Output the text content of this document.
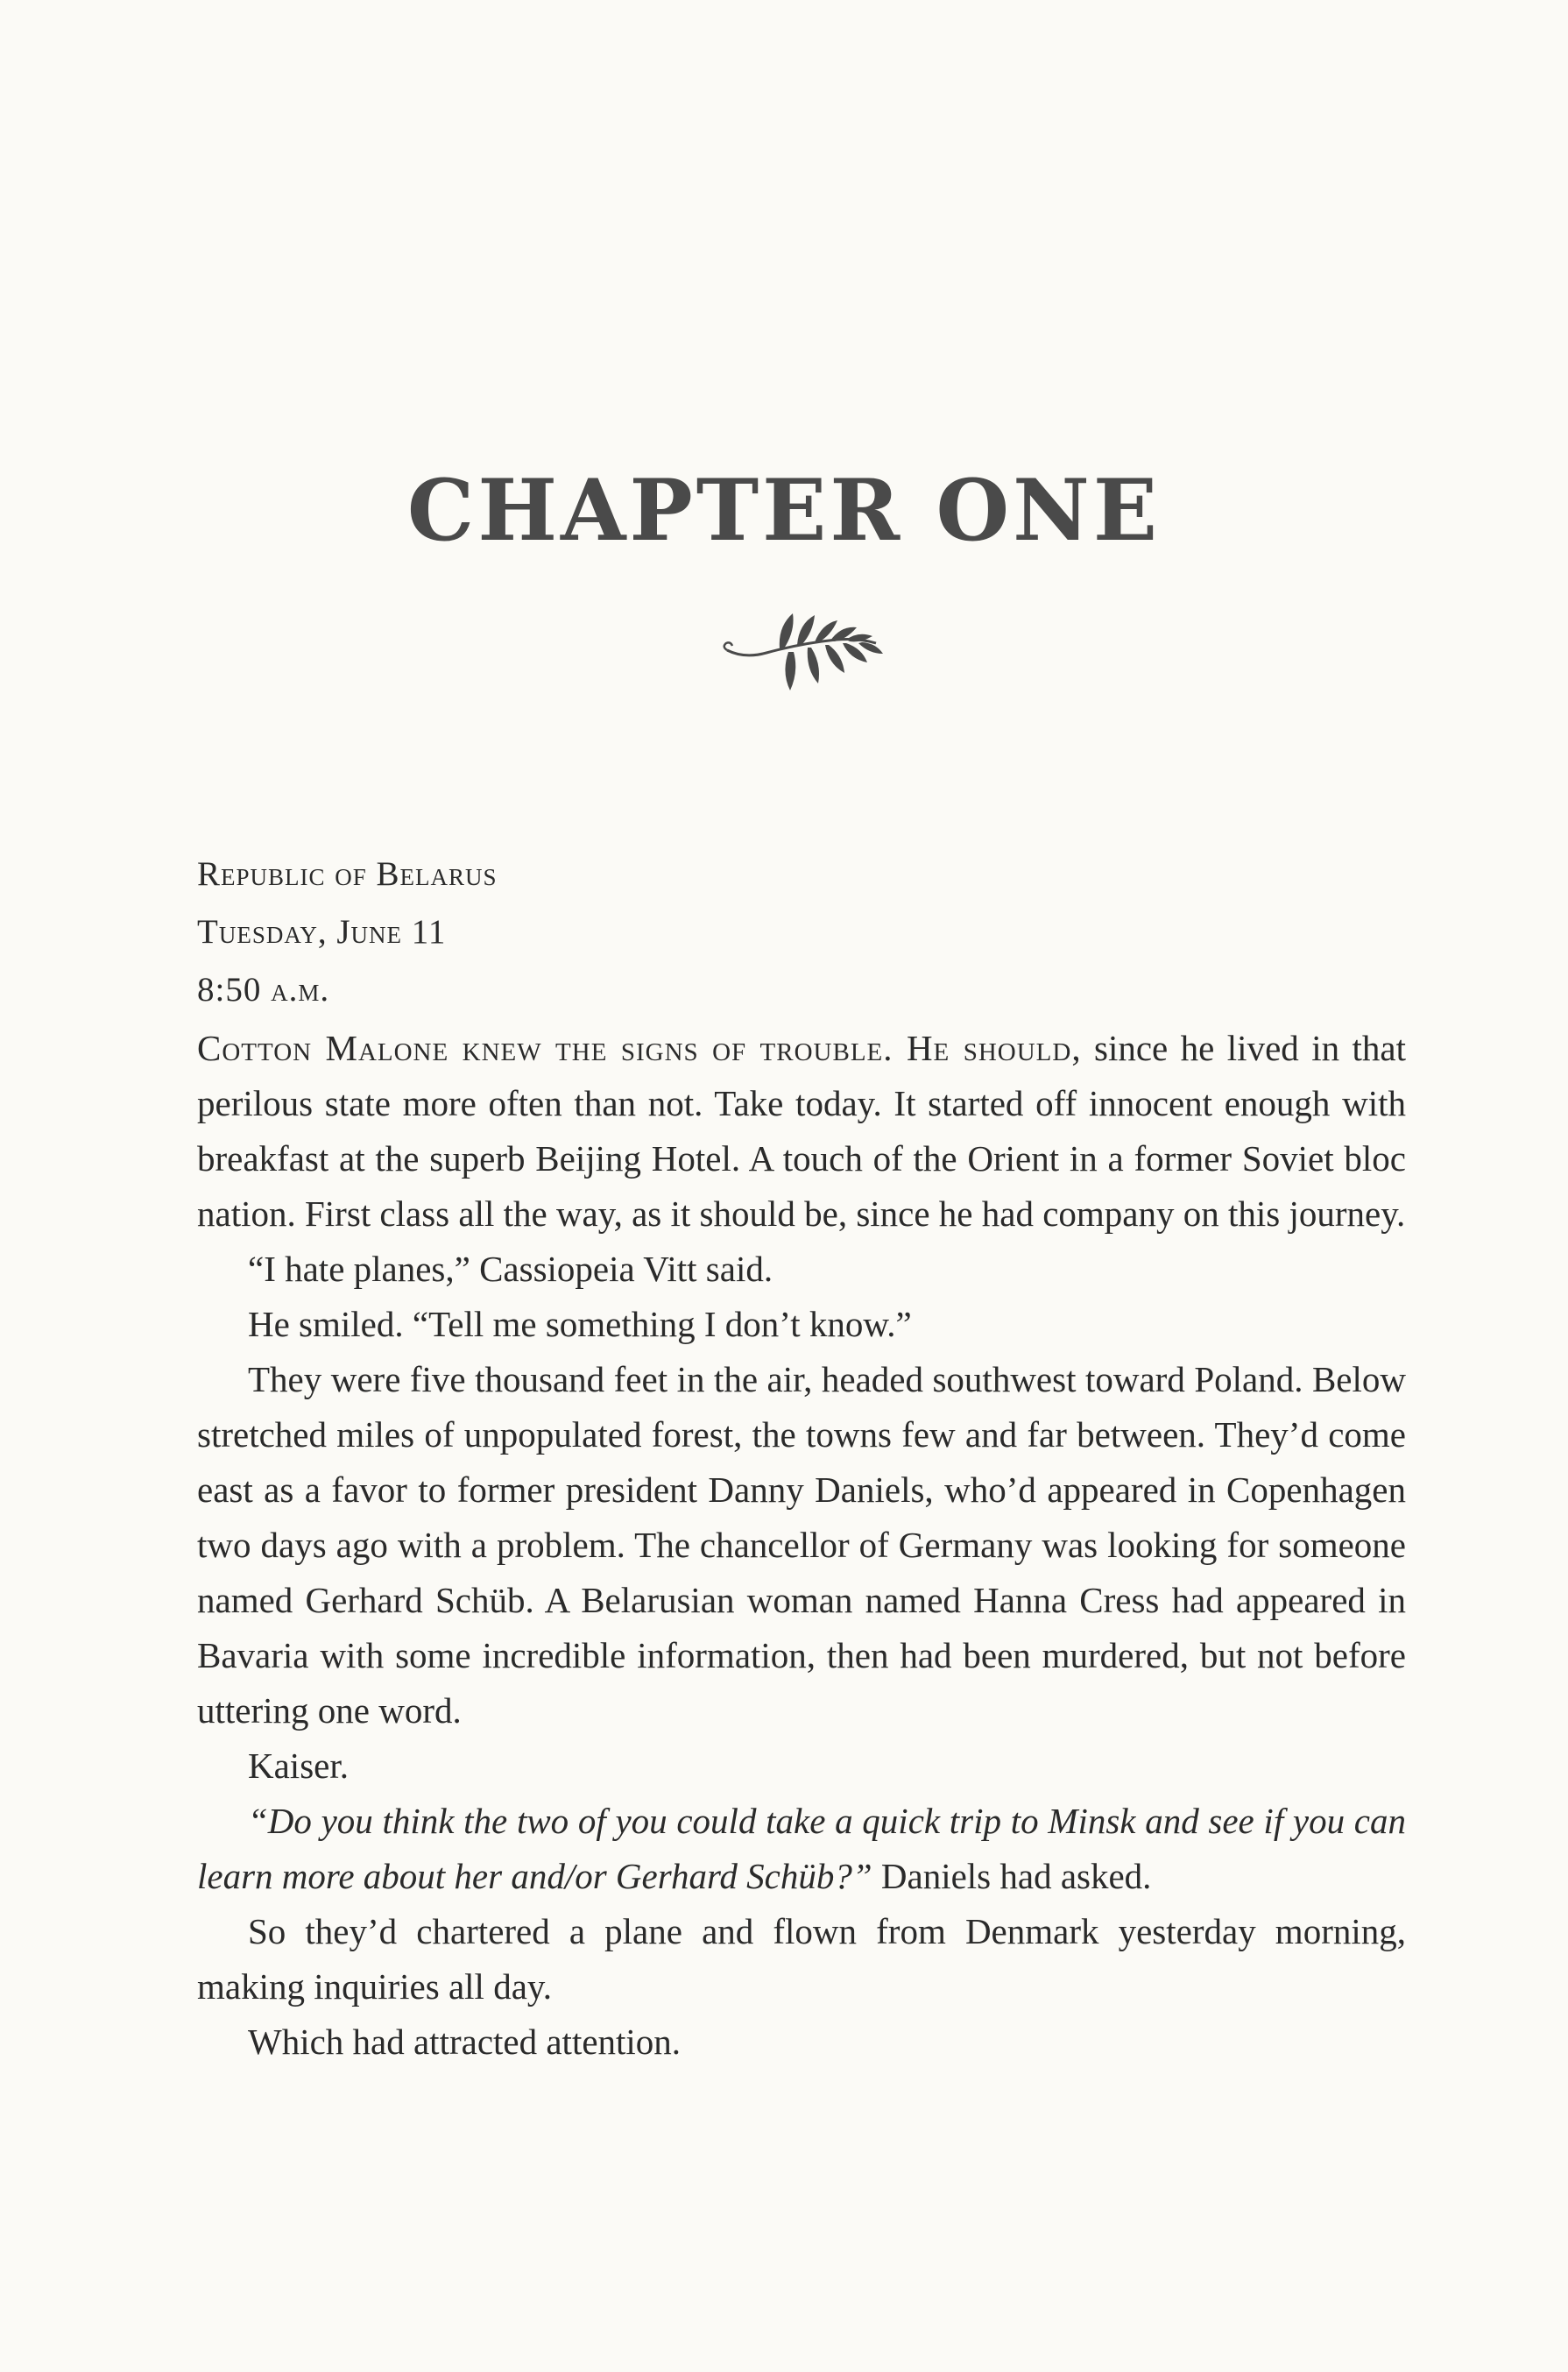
CHAPTER ONE
Republic of Belarus
Tuesday, June 11
8:50 a.m.

Cotton Malone knew the signs of trouble. He should, since he lived in that perilous state more often than not. Take today. It started off innocent enough with breakfast at the superb Beijing Hotel. A touch of the Orient in a former Soviet bloc nation. First class all the way, as it should be, since he had company on this journey.

“I hate planes,” Cassiopeia Vitt said.

He smiled. “Tell me something I don’t know.”

They were five thousand feet in the air, headed southwest toward Poland. Below stretched miles of unpopulated forest, the towns few and far between. They’d come east as a favor to former president Danny Daniels, who’d appeared in Copenhagen two days ago with a problem. The chancellor of Germany was looking for someone named Gerhard Schüb. A Belarusian woman named Hanna Cress had appeared in Bavaria with some incredible information, then had been murdered, but not before uttering one word.

Kaiser.

“Do you think the two of you could take a quick trip to Minsk and see if you can learn more about her and/or Gerhard Schüb?” Daniels had asked.

So they’d chartered a plane and flown from Denmark yesterday morning, making inquiries all day.

Which had attracted attention.
